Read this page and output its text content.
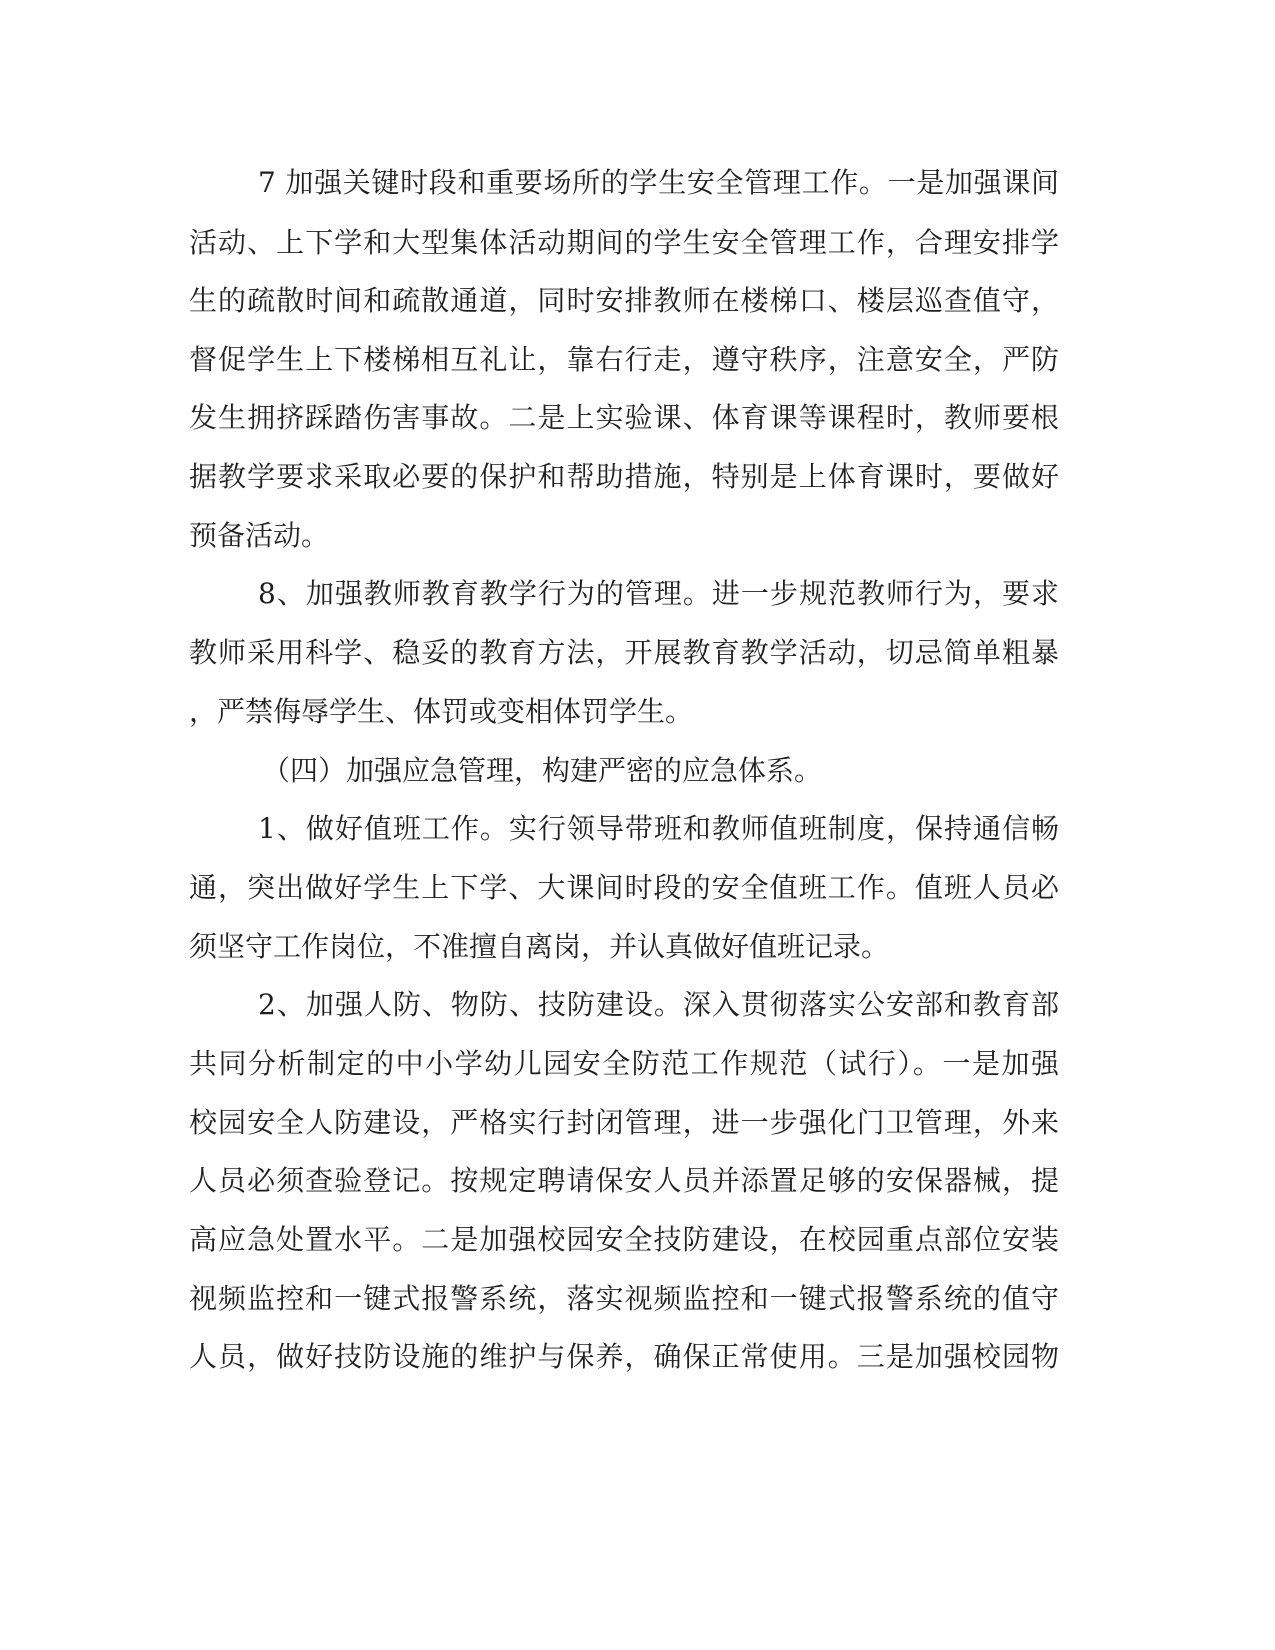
7 加强关键时段和重要场所的学生安全管理工作。一是加强课间
活动、上下学和大型集体活动期间的学生安全管理工作，合理安排学
生的疏散时间和疏散通道，同时安排教师在楼梯口、楼层巡查值守，
督促学生上下楼梯相互礼让，靠右行走，遵守秩序，注意安全，严防
发生拥挤踩踏伤害事故。二是上实验课、体育课等课程时，教师要根
据教学要求采取必要的保护和帮助措施，特别是上体育课时，要做好
预备活动。
8、加强教师教育教学行为的管理。进一步规范教师行为，要求
教师采用科学、稳妥的教育方法，开展教育教学活动，切忌简单粗暴
，严禁侮辱学生、体罚或变相体罚学生。
（四）加强应急管理，构建严密的应急体系。
1、做好值班工作。实行领导带班和教师值班制度，保持通信畅
通，突出做好学生上下学、大课间时段的安全值班工作。值班人员必
须坚守工作岗位，不准擅自离岗，并认真做好值班记录。
2、加强人防、物防、技防建设。深入贯彻落实公安部和教育部
共同分析制定的中小学幼儿园安全防范工作规范（试行）。一是加强
校园安全人防建设，严格实行封闭管理，进一步强化门卫管理，外来
人员必须查验登记。按规定聘请保安人员并添置足够的安保器械，提
高应急处置水平。二是加强校园安全技防建设，在校园重点部位安装
视频监控和一键式报警系统，落实视频监控和一键式报警系统的值守
人员，做好技防设施的维护与保养，确保正常使用。三是加强校园物
